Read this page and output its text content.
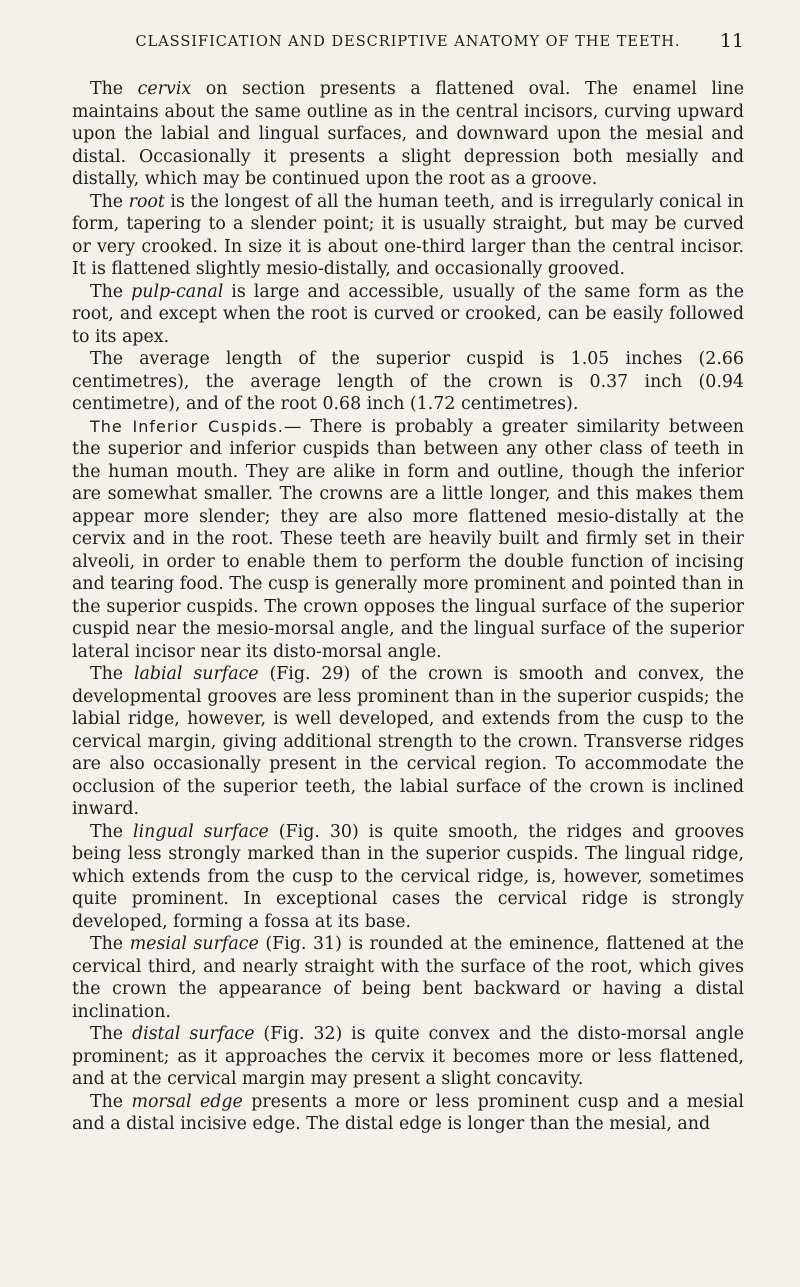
CLASSIFICATION AND DESCRIPTIVE ANATOMY OF THE TEETH. 11

The cervix on section presents a flattened oval. The enamel line maintains about the same outline as in the central incisors, curving upward upon the labial and lingual surfaces, and downward upon the mesial and distal. Occasionally it presents a slight depression both mesially and distally, which may be continued upon the root as a groove.

The root is the longest of all the human teeth, and is irregularly conical in form, tapering to a slender point; it is usually straight, but may be curved or very crooked. In size it is about one-third larger than the central incisor. It is flattened slightly mesio-distally, and occasionally grooved.

The pulp-canal is large and accessible, usually of the same form as the root, and except when the root is curved or crooked, can be easily followed to its apex.

The average length of the superior cuspid is 1.05 inches (2.66 centimetres), the average length of the crown is 0.37 inch (0.94 centimetre), and of the root 0.68 inch (1.72 centimetres).

The Inferior Cuspids.— There is probably a greater similarity between the superior and inferior cuspids than between any other class of teeth in the human mouth. They are alike in form and outline, though the inferior are somewhat smaller. The crowns are a little longer, and this makes them appear more slender; they are also more flattened mesio-distally at the cervix and in the root. These teeth are heavily built and firmly set in their alveoli, in order to enable them to perform the double function of incising and tearing food. The cusp is generally more prominent and pointed than in the superior cuspids. The crown opposes the lingual surface of the superior cuspid near the mesio-morsal angle, and the lingual surface of the superior lateral incisor near its disto-morsal angle.

The labial surface (Fig. 29) of the crown is smooth and convex, the developmental grooves are less prominent than in the superior cuspids; the labial ridge, however, is well developed, and extends from the cusp to the cervical margin, giving additional strength to the crown. Transverse ridges are also occasionally present in the cervical region. To accommodate the occlusion of the superior teeth, the labial surface of the crown is inclined inward.

The lingual surface (Fig. 30) is quite smooth, the ridges and grooves being less strongly marked than in the superior cuspids. The lingual ridge, which extends from the cusp to the cervical ridge, is, however, sometimes quite prominent. In exceptional cases the cervical ridge is strongly developed, forming a fossa at its base.

The mesial surface (Fig. 31) is rounded at the eminence, flattened at the cervical third, and nearly straight with the surface of the root, which gives the crown the appearance of being bent backward or having a distal inclination.

The distal surface (Fig. 32) is quite convex and the disto-morsal angle prominent; as it approaches the cervix it becomes more or less flattened, and at the cervical margin may present a slight concavity.

The morsal edge presents a more or less prominent cusp and a mesial and a distal incisive edge. The distal edge is longer than the mesial, and
